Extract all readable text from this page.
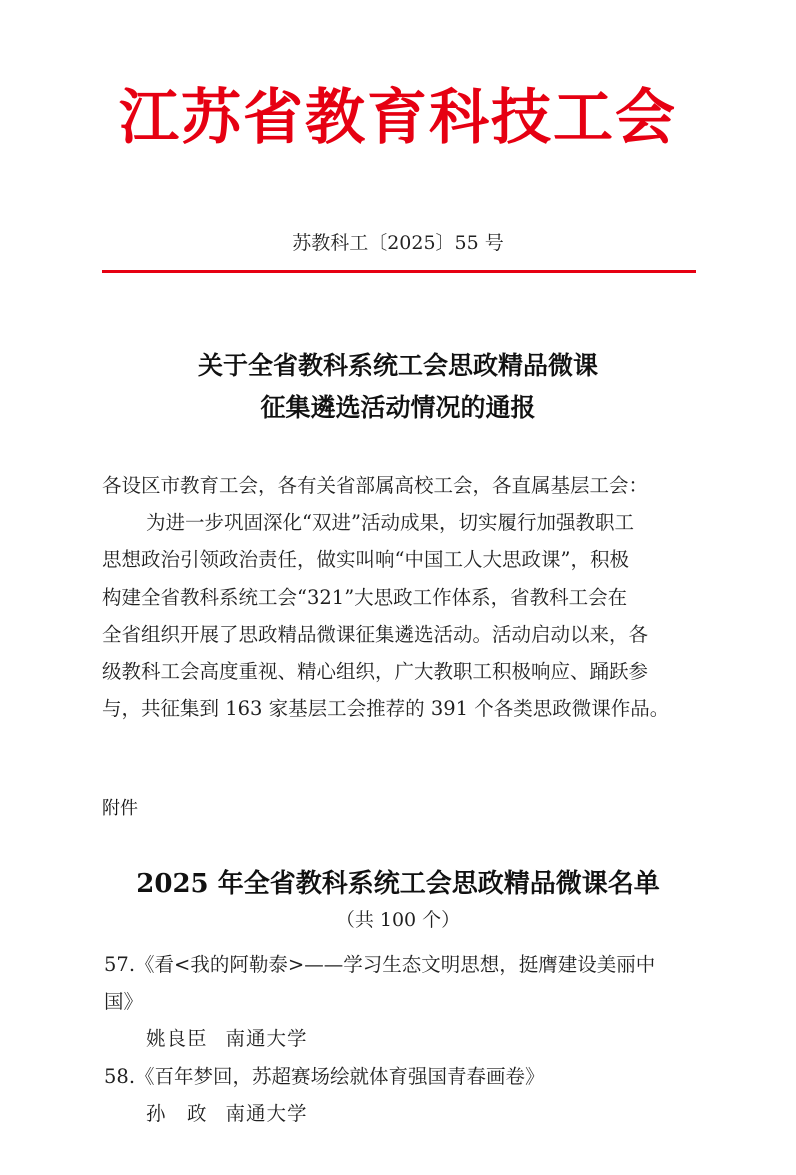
江苏省教育科技工会
苏教科工〔2025〕55 号
关于全省教科系统工会思政精品微课
征集遴选活动情况的通报
各设区市教育工会，各有关省部属高校工会，各直属基层工会：
为进一步巩固深化“双进”活动成果，切实履行加强教职工
思想政治引领政治责任，做实叫响“中国工人大思政课”，积极
构建全省教科系统工会“321”大思政工作体系，省教科工会在
全省组织开展了思政精品微课征集遴选活动。活动启动以来，各
级教科工会高度重视、精心组织，广大教职工积极响应、踊跃参
与，共征集到 163 家基层工会推荐的 391 个各类思政微课作品。
附件
2025 年全省教科系统工会思政精品微课名单
（共 100 个）
57.《看<我的阿勒泰>——学习生态文明思想，挺膺建设美丽中
国》
姚良臣 南通大学
58.《百年梦回，苏超赛场绘就体育强国青春画卷》
孙　政 南通大学
